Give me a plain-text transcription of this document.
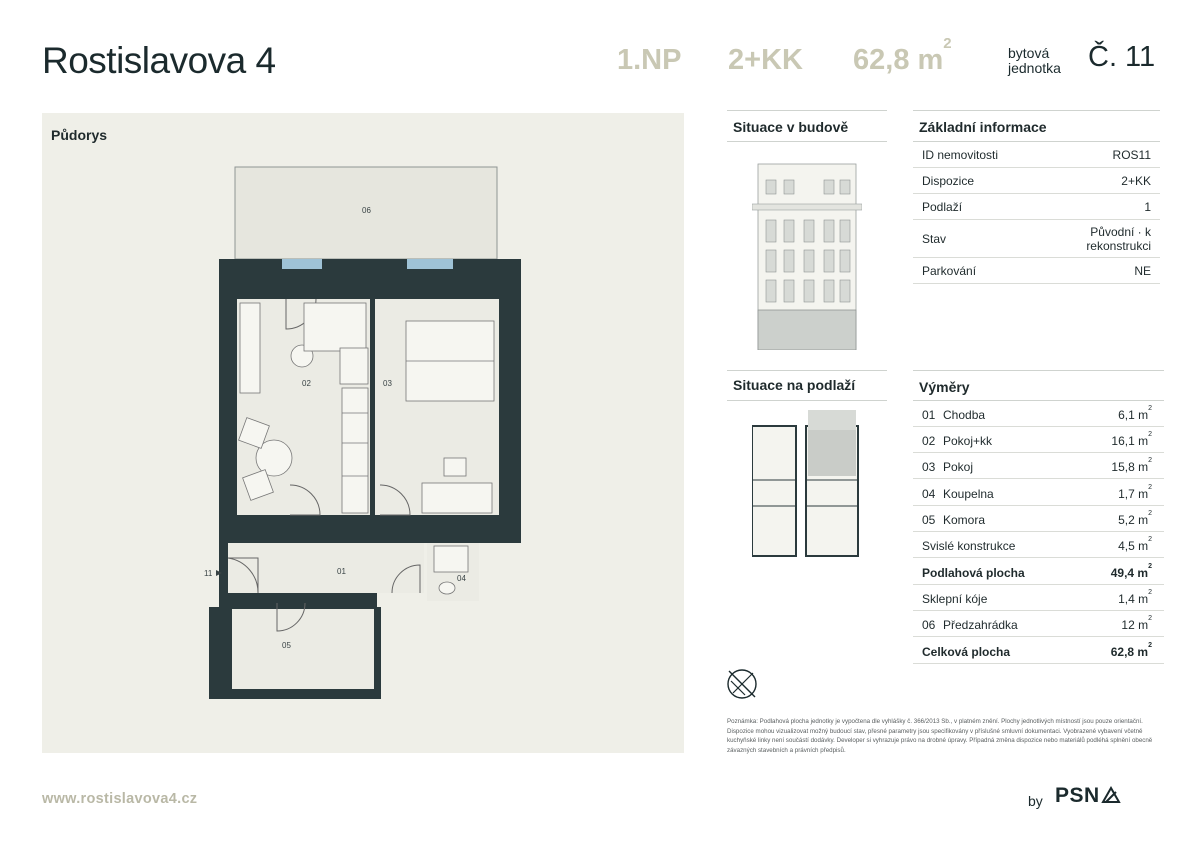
Rostislavova 4	1.NP 2+KK 62,8 $m^2$
bytová
jednotka Č. 11
06
02	03
01
04
05
11
Půdorys	Situace v budově
Situace na podlaží
Základní informace
ID nemovitosti	ROS11
Dispozice	2+KK
Podlaží	1
Stav	Původní · k
rekonstrukci
Parkování	NE
Výměry
01 Chodba	6,1 $m^2$
02 Pokoj+kk	16,1 $m^2$
03 Pokoj	15,8 $m^2$
04 Koupelna	1,7 $m^2$
05 Komora	5,2 $m^2$
Svislé konstrukce	4,5 $m^2$
Podlahová plocha	49,4 $m^2$
Sklepní kóje	1,4 $m^2$
06 Předzahrádka	12 $m^2$
Celková plocha	62,8 $m^2$
Poznámka: Podlahová plocha jednotky je vypočtena dle vyhlášky č. 366/2013 Sb., v platném znění. Plochy jednotlivých místností jsou pouze orientační. Dispozice mohou vizualizovat možný budoucí stav, přesné parametry jsou specifikovány v příslušné smluvní dokumentaci. Vyobrazené vybavení včetně kuchyňské linky není součástí dodávky. Developer si vyhrazuje právo na drobné úpravy. Případná změna dispozice nebo materiálů podléhá splnění obecně závazných stavebních a právních předpisů.
www.rostislavova4.cz	by PSN
